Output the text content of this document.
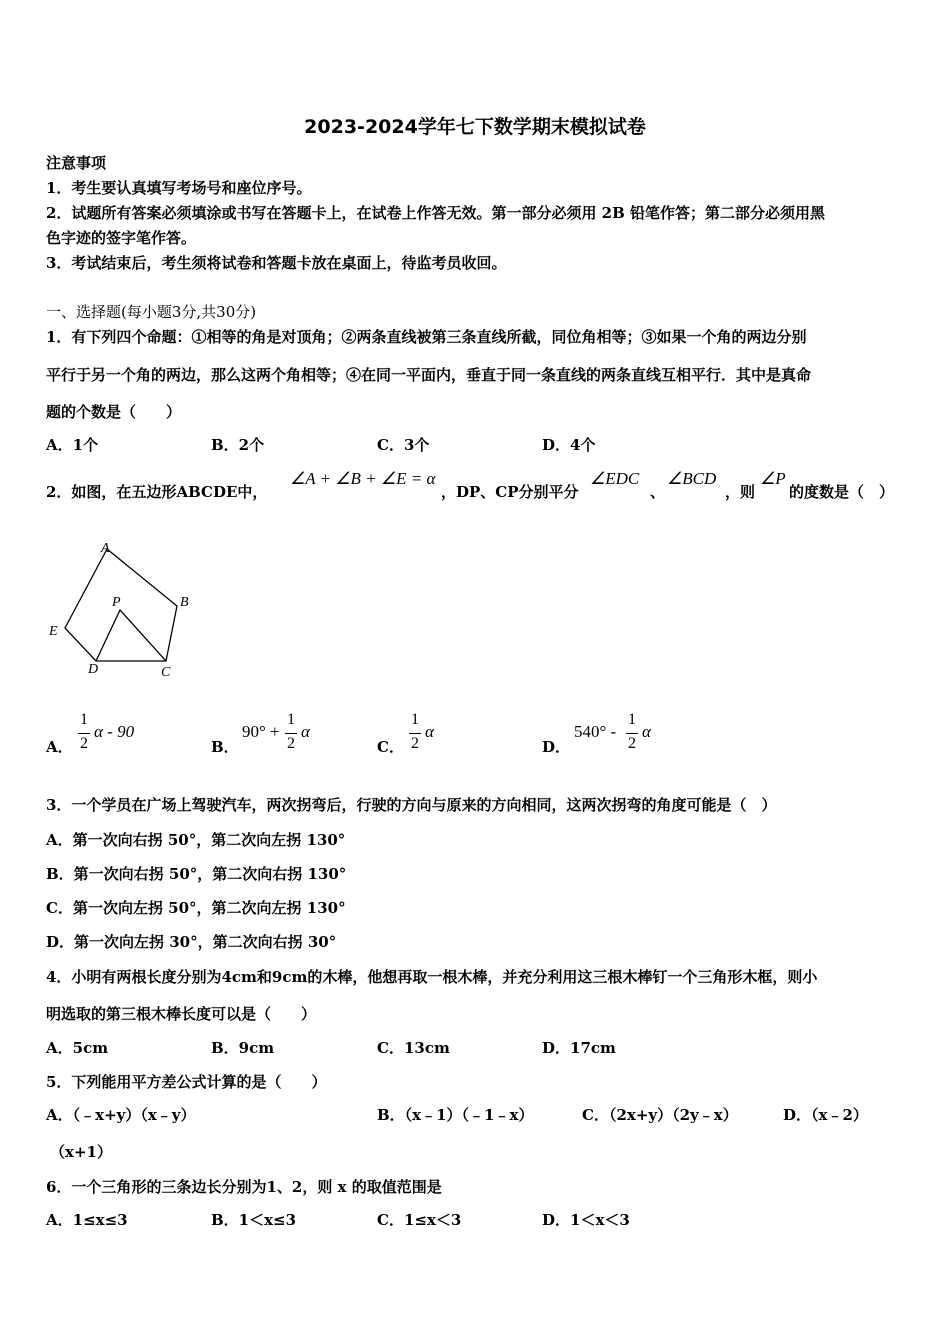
2023-2024学年七下数学期末模拟试卷
注意事项
1．考生要认真填写考场号和座位序号。
2．试题所有答案必须填涂或书写在答题卡上，在试卷上作答无效。第一部分必须用 2B 铅笔作答；第二部分必须用黑
色字迹的签字笔作答。
3．考试结束后，考生须将试卷和答题卡放在桌面上，待监考员收回。
一、选择题(每小题3分,共30分)
1．有下列四个命题：①相等的角是对顶角；②两条直线被第三条直线所截，同位角相等；③如果一个角的两边分别
平行于另一个角的两边，那么这两个角相等；④在同一平面内，垂直于同一条直线的两条直线互相平行．其中是真命
题的个数是（　　）
A．1个	B．2个	C．3个	D．4个
2．如图，在五边形ABCDE中，
∠A + ∠B + ∠E = α
，DP、CP分别平分
∠EDC
、
∠BCD
，则
∠P
的度数是（　）
A
B
C
D
E
P
A．
1
2
α - 90
B．
90° +
1
2
α
C．
1
2
α
D．
540° -
1
2
α
3．一个学员在广场上驾驶汽车，两次拐弯后，行驶的方向与原来的方向相同，这两次拐弯的角度可能是（　）
A．第一次向右拐 50°，第二次向左拐 130°
B．第一次向右拐 50°，第二次向右拐 130°
C．第一次向左拐 50°，第二次向左拐 130°
D．第一次向左拐 30°，第二次向右拐 30°
4．小明有两根长度分别为4cm和9cm的木棒，他想再取一根木棒，并充分利用这三根木棒钉一个三角形木框，则小
明选取的第三根木棒长度可以是（　　）
A．5cm	B．9cm	C．13cm	D．17cm
5．下列能用平方差公式计算的是（　　）
A．（﹣x+y）（x﹣y）	B．（x﹣1）（﹣1﹣x）	C．（2x+y）（2y﹣x）	D．（x﹣2）
（x+1）
6．一个三角形的三条边长分别为1、2，则 x 的取值范围是
A．1≤x≤3	B．1＜x≤3	C．1≤x＜3	D．1＜x＜3
